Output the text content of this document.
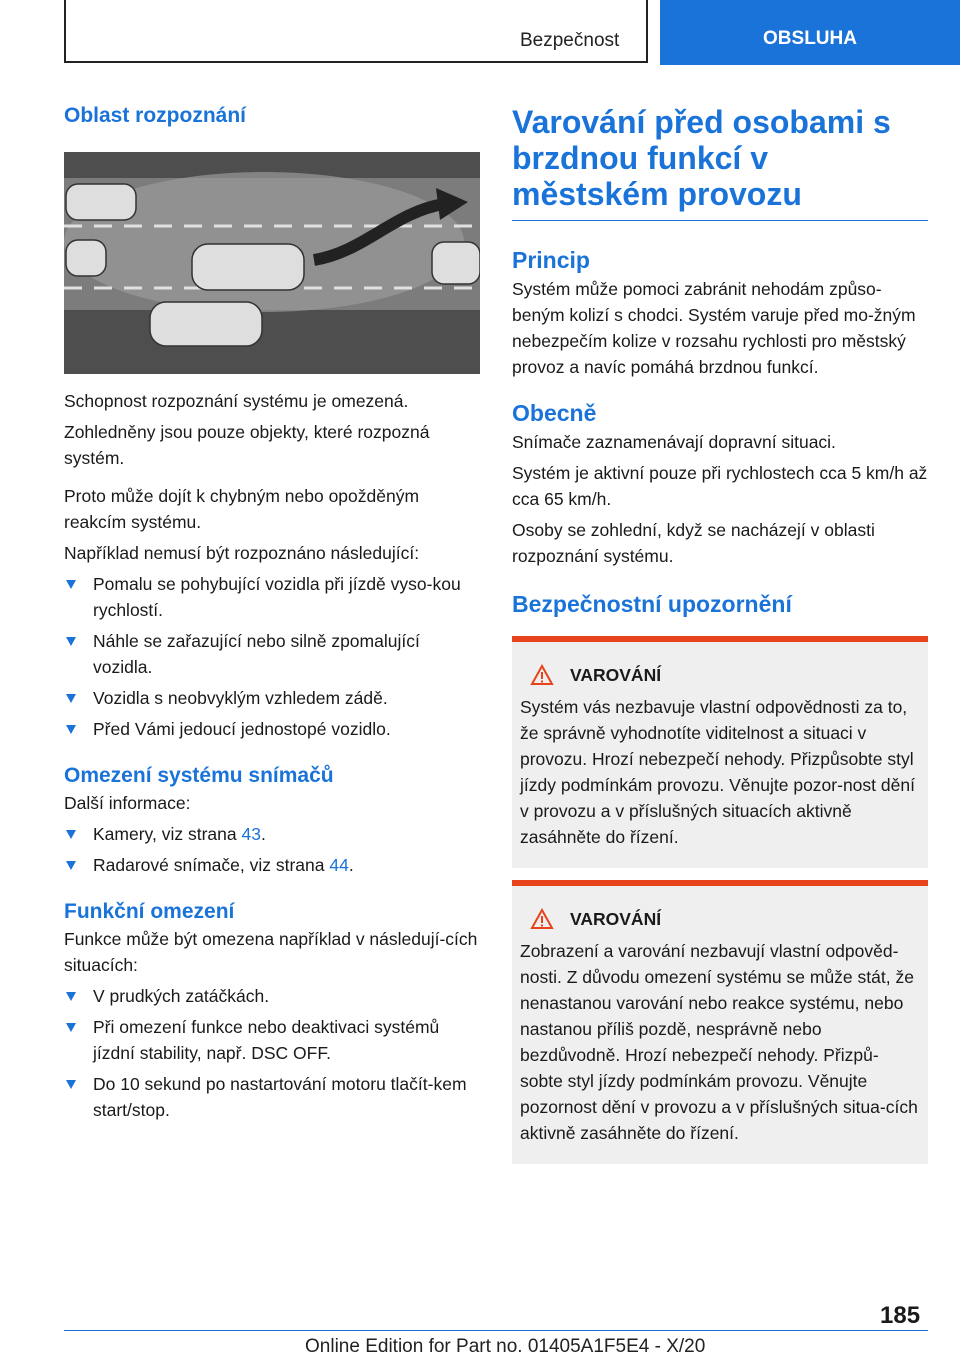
Bezpečnost	OBSLUHA
Oblast rozpoznání

Schopnost rozpoznání systému je omezená.

Zohledněny jsou pouze objekty, které rozpozná systém.

Proto může dojít k chybným nebo opožděným reakcím systému.

Například nemusí být rozpoznáno následující:

Pomalu se pohybující vozidla při jízdě vyso-kou rychlostí.
Náhle se zařazující nebo silně zpomalující vozidla.
Vozidla s neobvyklým vzhledem zádě.
Před Vámi jedoucí jednostopé vozidlo.
Omezení systému snímačů

Další informace:

Kamery, viz strana 43.
Radarové snímače, viz strana 44.
Funkční omezení

Funkce může být omezena například v následují-cích situacích:

V prudkých zatáčkách.
Při omezení funkce nebo deaktivaci systémů jízdní stability, např. DSC OFF.
Do 10 sekund po nastartování motoru tlačít-kem start/stop.
Varování před osobami s brzdnou funkcí v městském provozu
Princip

Systém může pomoci zabránit nehodám způso-beným kolizí s chodci. Systém varuje před mo-žným nebezpečím kolize v rozsahu rychlosti pro městský provoz a navíc pomáhá brzdnou funkcí.

Obecně

Snímače zaznamenávají dopravní situaci.

Systém je aktivní pouze při rychlostech cca 5 km/h až cca 65 km/h.

Osoby se zohlední, když se nacházejí v oblasti rozpoznání systému.

Bezpečnostní upozornění
VAROVÁNÍ

Systém vás nezbavuje vlastní odpovědnosti za to, že správně vyhodnotíte viditelnost a situaci v provozu. Hrozí nebezpečí nehody. Přizpůsobte styl jízdy podmínkám provozu. Věnujte pozor-nost dění v provozu a v příslušných situacích aktivně zasáhněte do řízení.

VAROVÁNÍ

Zobrazení a varování nezbavují vlastní odpověd-nosti. Z důvodu omezení systému se může stát, že nenastanou varování nebo reakce systému, nebo nastanou příliš pozdě, nesprávně nebo bezdůvodně. Hrozí nebezpečí nehody. Přizpů-sobte styl jízdy podmínkám provozu. Věnujte pozornost dění v provozu a v příslušných situa-cích aktivně zasáhněte do řízení.

185
Online Edition for Part no. 01405A1F5E4 - X/20
